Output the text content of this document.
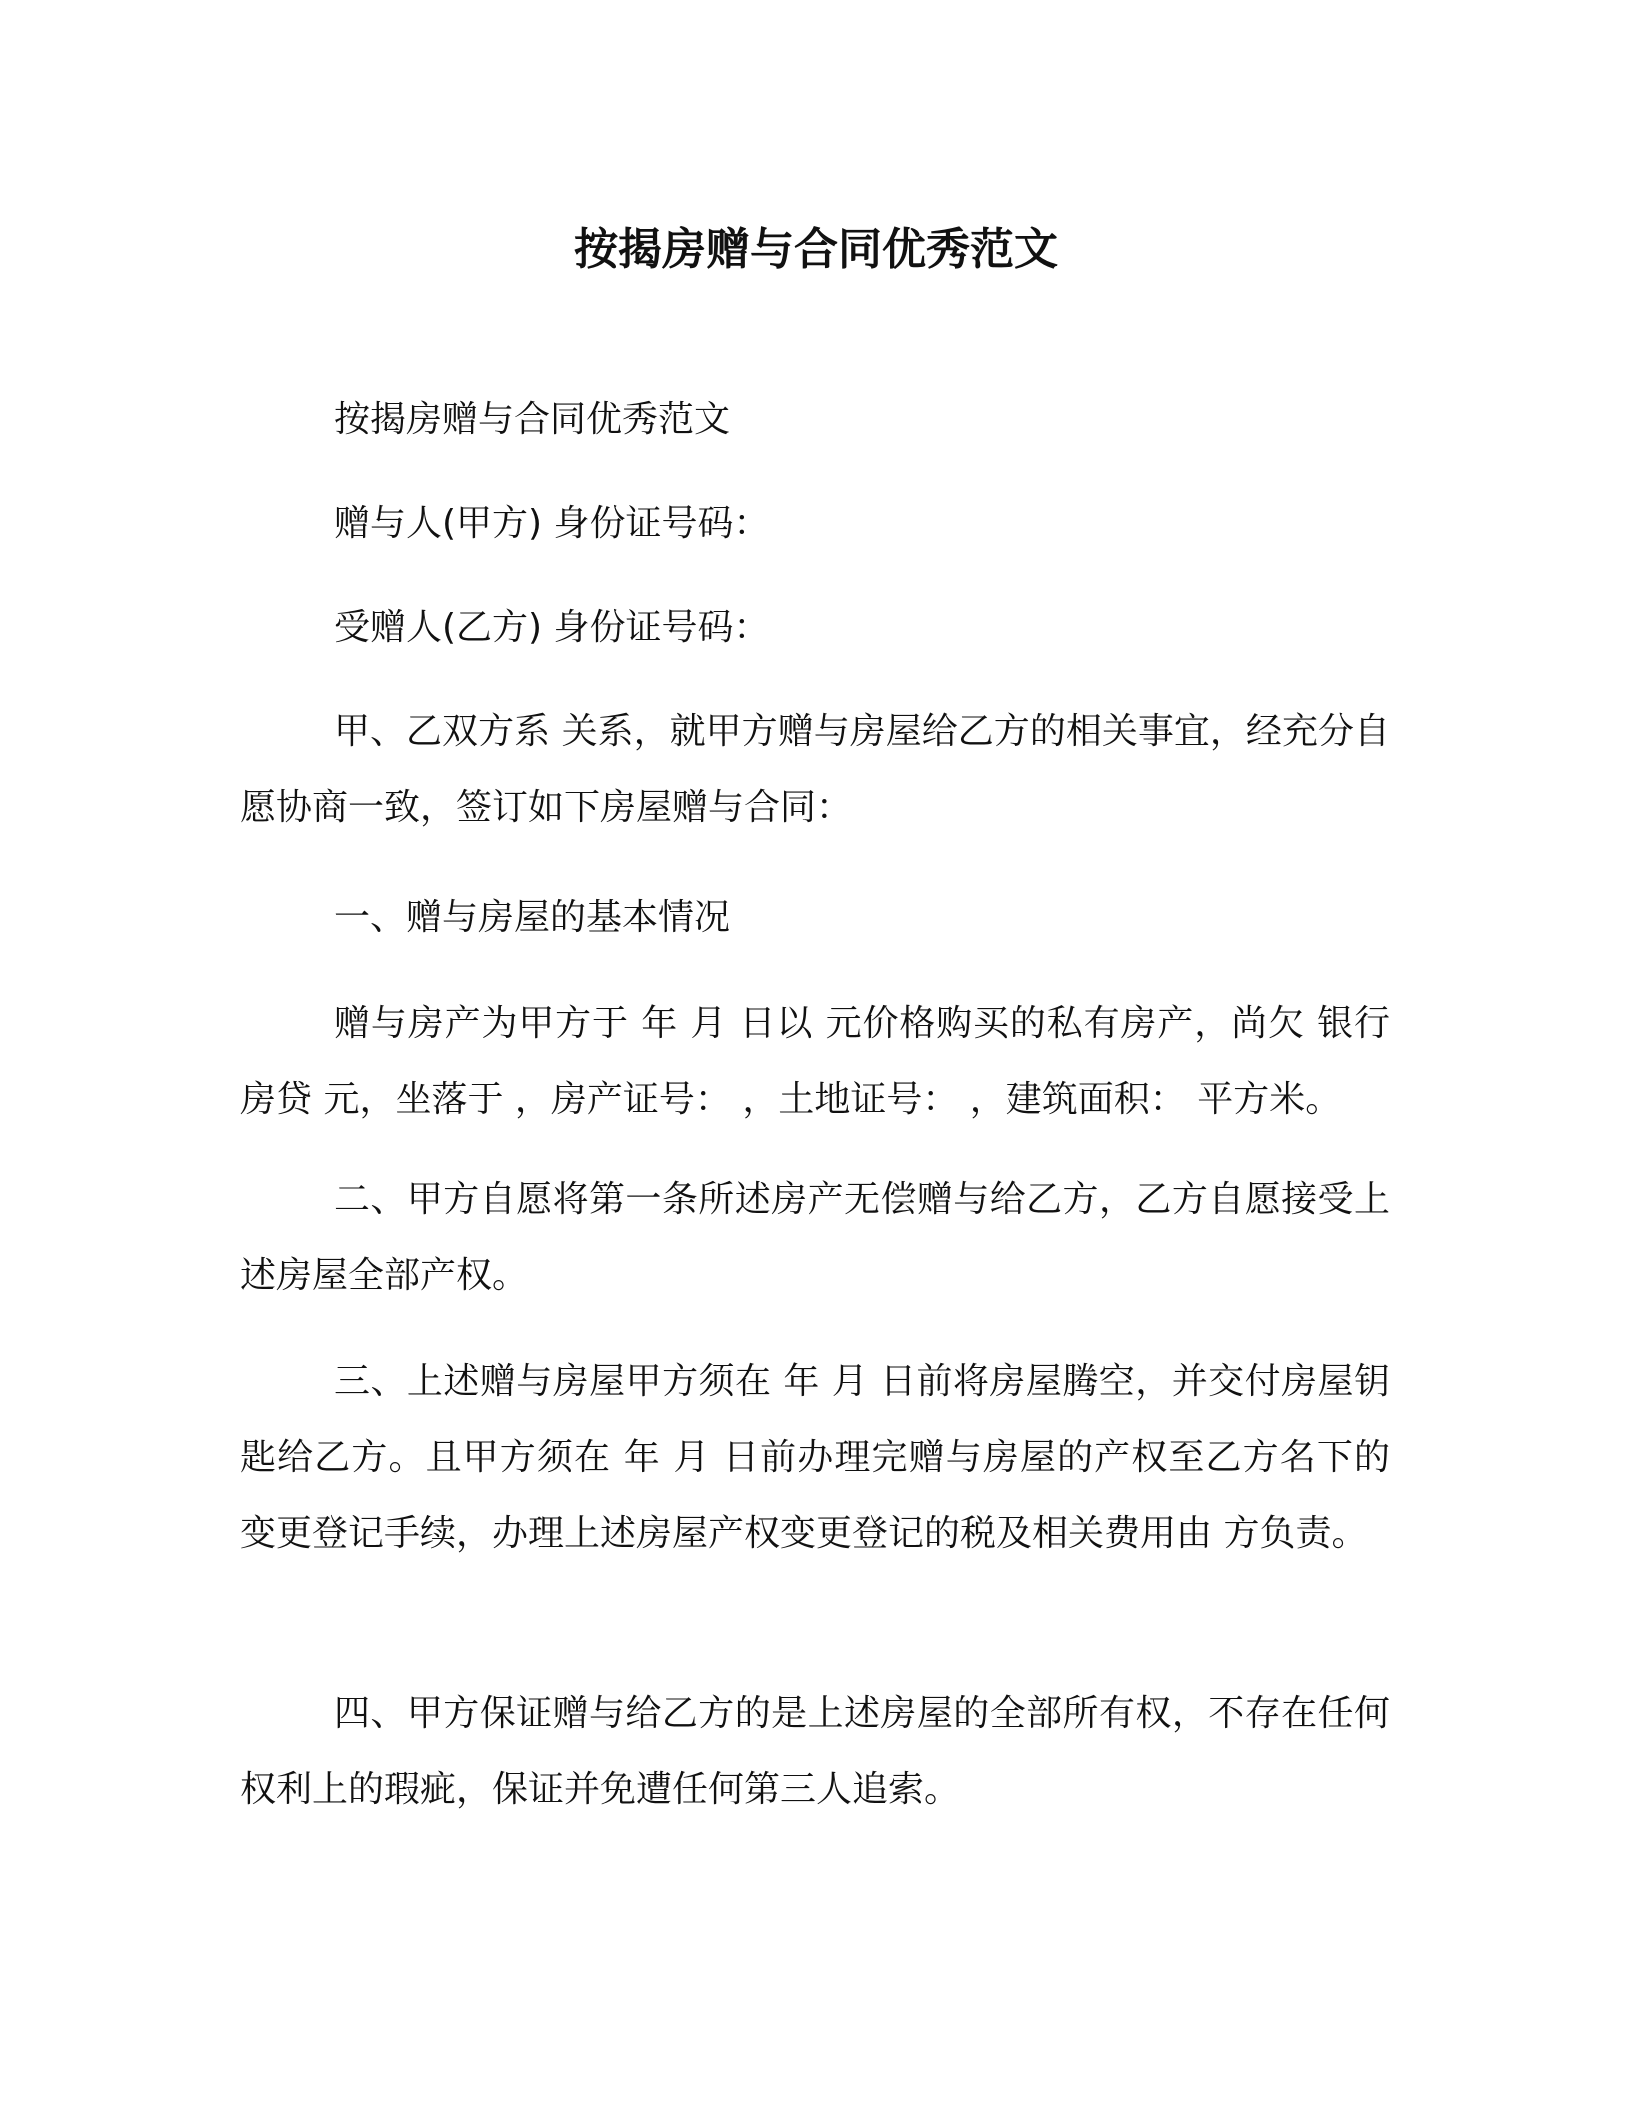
按揭房赠与合同优秀范文
按揭房赠与合同优秀范文
赠与人(甲方) 身份证号码：
受赠人(乙方) 身份证号码：

甲、乙双方系 关系，就甲方赠与房屋给乙方的相关事宜，经充分自愿协商一致，签订如下房屋赠与合同：

一、赠与房屋的基本情况

赠与房产为甲方于 年 月 日以 元价格购买的私有房产，尚欠 银行房贷 元，坐落于 ，房产证号： ，土地证号： ，建筑面积： 平方米。

二、甲方自愿将第一条所述房产无偿赠与给乙方，乙方自愿接受上述房屋全部产权。

三、上述赠与房屋甲方须在 年 月 日前将房屋腾空，并交付房屋钥匙给乙方。且甲方须在 年 月 日前办理完赠与房屋的产权至乙方名下的变更登记手续，办理上述房屋产权变更登记的税及相关费用由 方负责。

四、甲方保证赠与给乙方的是上述房屋的全部所有权，不存在任何权利上的瑕疵，保证并免遭任何第三人追索。
